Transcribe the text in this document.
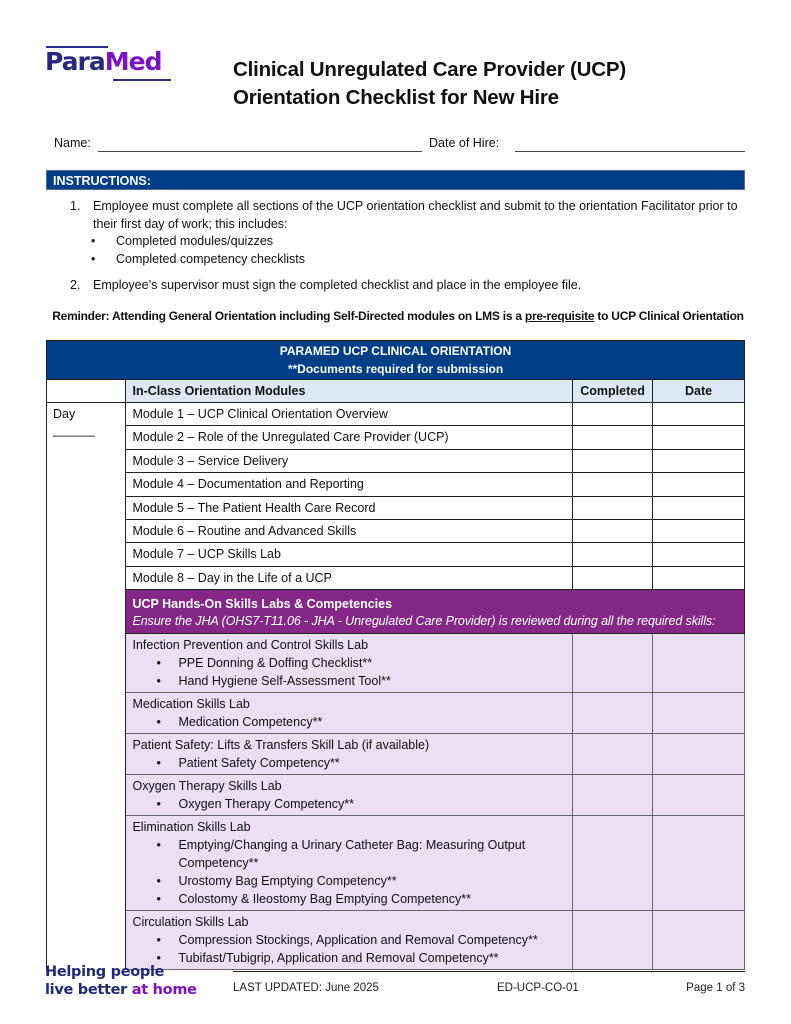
ParaMed	Clinical Unregulated Care Provider (UCP)
Orientation Checklist for New Hire
Name:	Date of Hire:
INSTRUCTIONS:
1. Employee must complete all sections of the UCP orientation checklist and submit to the orientation Facilitator prior to their first day of work; this includes:
• Completed modules/quizzes
• Completed competency checklists
2. Employee’s supervisor must sign the completed checklist and place in the employee file.
Reminder: Attending General Orientation including Self-Directed modules on LMS is a pre-requisite to UCP Clinical Orientation
PARAMED UCP CLINICAL ORIENTATION
**Documents required for submission			

	In-Class Orientation Modules	Completed	Date
Day ______	Module 1 – UCP Clinical Orientation Overview		
	Module 2 – Role of the Unregulated Care Provider (UCP)		
	Module 3 – Service Delivery		
	Module 4 – Documentation and Reporting		
	Module 5 – The Patient Health Care Record		
	Module 6 – Routine and Advanced Skills		
	Module 7 – UCP Skills Lab		
	Module 8 – Day in the Life of a UCP		

	UCP Hands-On Skills Labs & Competencies
Ensure the JHA (OHS7-T11.06 - JHA - Unregulated Care Provider) is reviewed during all the required skills:		

Infection Prevention and Control Skills Lab
• PPE Donning & Doffing Checklist**
• Hand Hygiene Self-Assessment Tool**

Medication Skills Lab
• Medication Competency**

Patient Safety: Lifts & Transfers Skill Lab (if available)
• Patient Safety Competency**

Oxygen Therapy Skills Lab
• Oxygen Therapy Competency**

Elimination Skills Lab
• Emptying/Changing a Urinary Catheter Bag: Measuring Output Competency**
• Urostomy Bag Emptying Competency**
• Colostomy & Ileostomy Bag Emptying Competency**

Circulation Skills Lab
• Compression Stockings, Application and Removal Competency**
• Tubifast/Tubigrip, Application and Removal Competency**

Helping people
live better at home	LAST UPDATED: June 2025	ED-UCP-CO-01	Page 1 of 3
